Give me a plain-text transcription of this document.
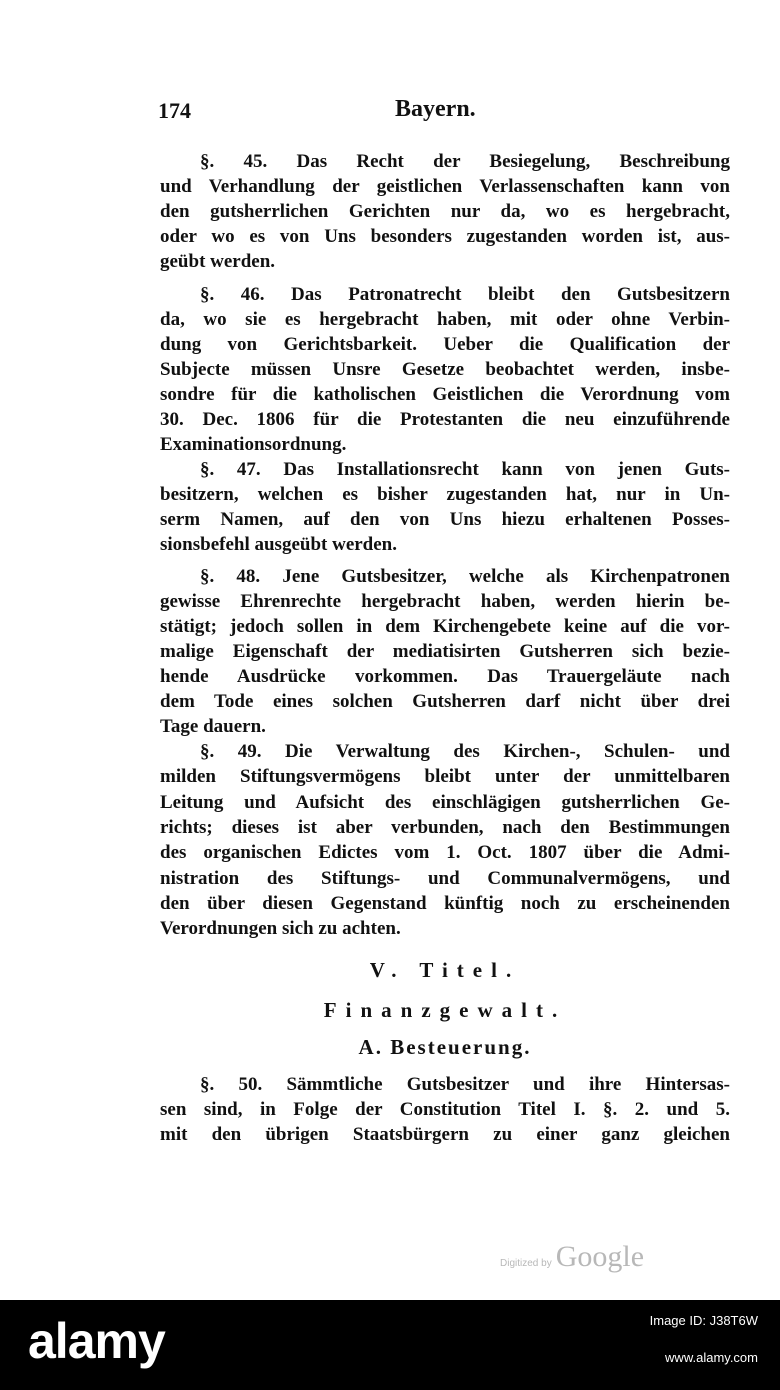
174	Bayern.
§. 45. Das Recht der Besiegelung, Beschreibung
und Verhandlung der geistlichen Verlassenschaften kann von
den gutsherrlichen Gerichten nur da, wo es hergebracht,
oder wo es von Uns besonders zugestanden worden ist, aus-
geübt werden.
§. 46. Das Patronatrecht bleibt den Gutsbesitzern
da, wo sie es hergebracht haben, mit oder ohne Verbin-
dung von Gerichtsbarkeit. Ueber die Qualification der
Subjecte müssen Unsre Gesetze beobachtet werden, insbe-
sondre für die katholischen Geistlichen die Verordnung vom
30. Dec. 1806 für die Protestanten die neu einzuführende
Examinationsordnung.
§. 47. Das Installationsrecht kann von jenen Guts-
besitzern, welchen es bisher zugestanden hat, nur in Un-
serm Namen, auf den von Uns hiezu erhaltenen Posses-
sionsbefehl ausgeübt werden.
§. 48. Jene Gutsbesitzer, welche als Kirchenpatronen
gewisse Ehrenrechte hergebracht haben, werden hierin be-
stätigt; jedoch sollen in dem Kirchengebete keine auf die vor-
malige Eigenschaft der mediatisirten Gutsherren sich bezie-
hende Ausdrücke vorkommen. Das Trauergeläute nach
dem Tode eines solchen Gutsherren darf nicht über drei
Tage dauern.
§. 49. Die Verwaltung des Kirchen-, Schulen- und
milden Stiftungsvermögens bleibt unter der unmittelbaren
Leitung und Aufsicht des einschlägigen gutsherrlichen Ge-
richts; dieses ist aber verbunden, nach den Bestimmungen
des organischen Edictes vom 1. Oct. 1807 über die Admi-
nistration des Stiftungs- und Communalvermögens, und
den über diesen Gegenstand künftig noch zu erscheinenden
Verordnungen sich zu achten.
§. 50. Sämmtliche Gutsbesitzer und ihre Hintersas-
sen sind, in Folge der Constitution Titel I. §. 2. und 5.
mit den übrigen Staatsbürgern zu einer ganz gleichen
V. Titel.
Finanzgewalt.
A. Besteuerung.
Digitized by Google
alamy	Image ID: J38T6W
www.alamy.com
